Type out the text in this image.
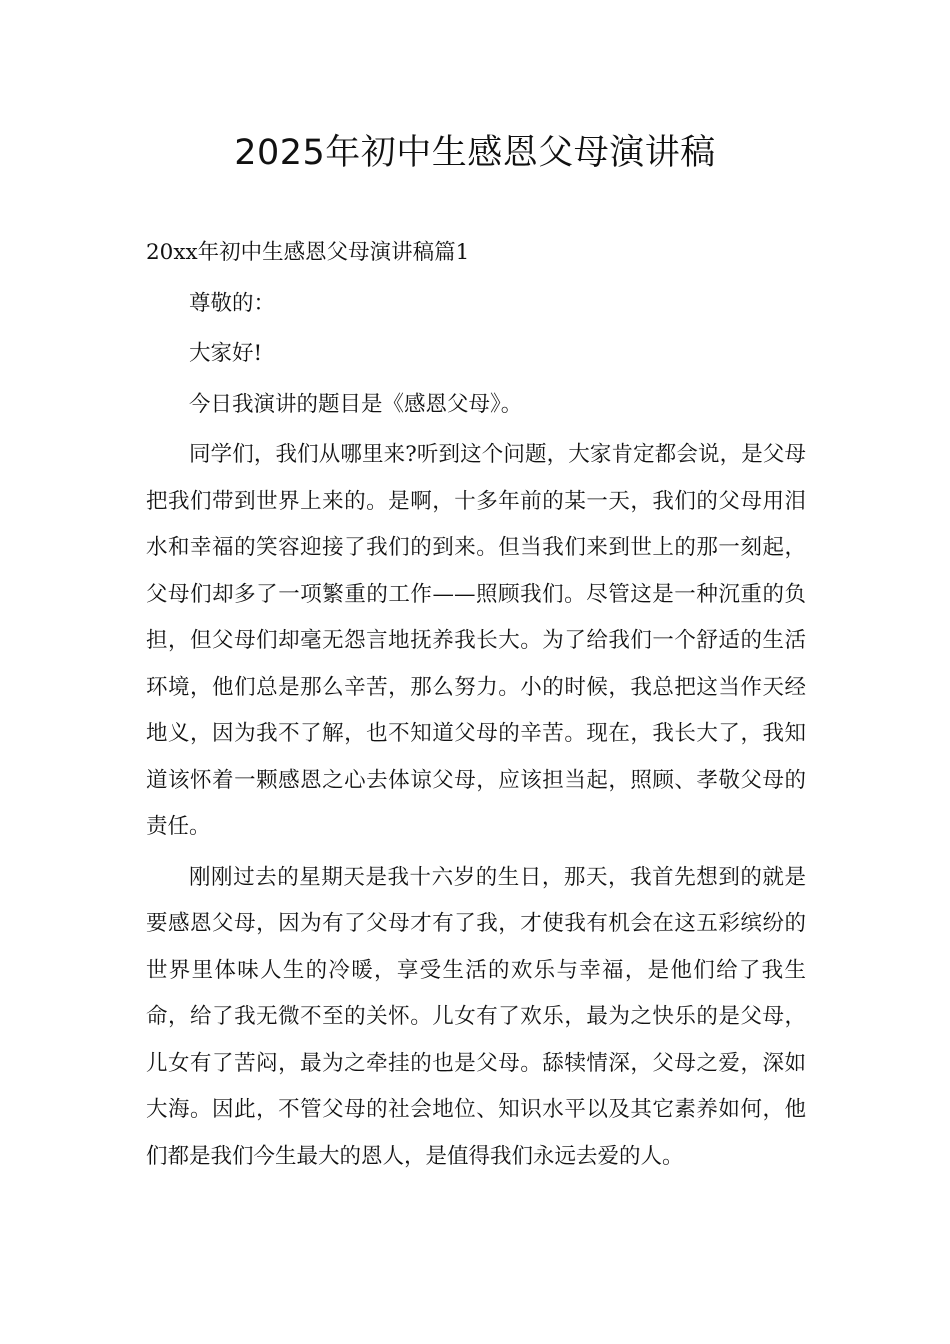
2025年初中生感恩父母演讲稿

20xx年初中生感恩父母演讲稿篇1

尊敬的：

大家好!

今日我演讲的题目是《感恩父母》。

同学们，我们从哪里来?听到这个问题，大家肯定都会说，是父母把我们带到世界上来的。是啊，十多年前的某一天，我们的父母用泪水和幸福的笑容迎接了我们的到来。但当我们来到世上的那一刻起，父母们却多了一项繁重的工作——照顾我们。尽管这是一种沉重的负担，但父母们却毫无怨言地抚养我长大。为了给我们一个舒适的生活环境，他们总是那么辛苦，那么努力。小的时候，我总把这当作天经地义，因为我不了解，也不知道父母的辛苦。现在，我长大了，我知道该怀着一颗感恩之心去体谅父母，应该担当起，照顾、孝敬父母的责任。

刚刚过去的星期天是我十六岁的生日，那天，我首先想到的就是要感恩父母，因为有了父母才有了我，才使我有机会在这五彩缤纷的世界里体味人生的冷暖，享受生活的欢乐与幸福，是他们给了我生命，给了我无微不至的关怀。儿女有了欢乐，最为之快乐的是父母，儿女有了苦闷，最为之牵挂的也是父母。舔犊情深，父母之爱，深如大海。因此，不管父母的社会地位、知识水平以及其它素养如何，他们都是我们今生最大的恩人，是值得我们永远去爱的人。
